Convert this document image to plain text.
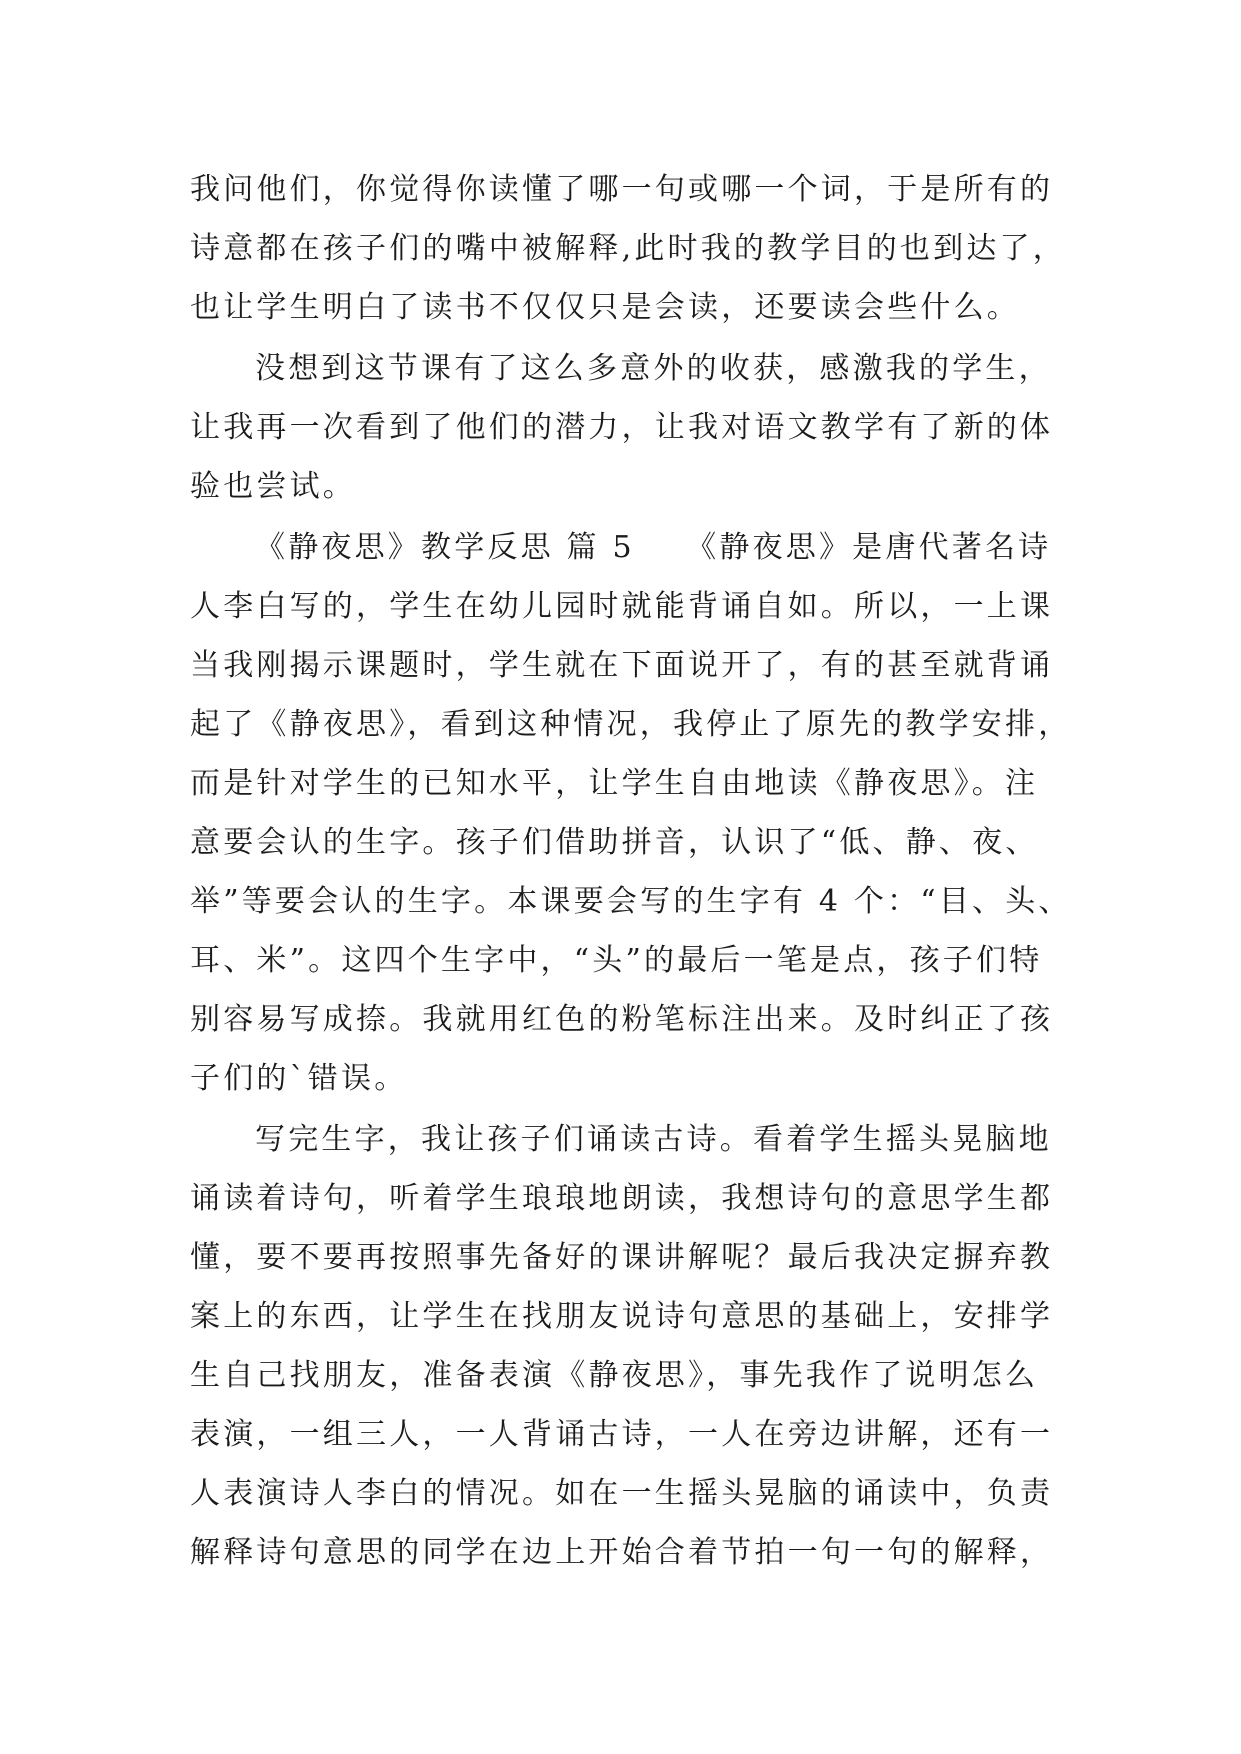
我问他们，你觉得你读懂了哪一句或哪一个词，于是所有的
诗意都在孩子们的嘴中被解释,此时我的教学目的也到达了，
也让学生明白了读书不仅仅只是会读，还要读会些什么。
没想到这节课有了这么多意外的收获，感激我的学生，
让我再一次看到了他们的潜力，让我对语文教学有了新的体
验也尝试。
《静夜思》教学反思 篇 5　　《静夜思》是唐代著名诗
人李白写的，学生在幼儿园时就能背诵自如。所以，一上课
当我刚揭示课题时，学生就在下面说开了，有的甚至就背诵
起了《静夜思》，看到这种情况，我停止了原先的教学安排，
而是针对学生的已知水平，让学生自由地读《静夜思》。注
意要会认的生字。孩子们借助拼音，认识了“低、静、夜、
举”等要会认的生字。本课要会写的生字有 4 个：“目、头、
耳、米”。这四个生字中，“头”的最后一笔是点，孩子们特
别容易写成捺。我就用红色的粉笔标注出来。及时纠正了孩
子们的`错误。
写完生字，我让孩子们诵读古诗。看着学生摇头晃脑地
诵读着诗句，听着学生琅琅地朗读，我想诗句的意思学生都
懂，要不要再按照事先备好的课讲解呢？最后我决定摒弃教
案上的东西，让学生在找朋友说诗句意思的基础上，安排学
生自己找朋友，准备表演《静夜思》，事先我作了说明怎么
表演，一组三人，一人背诵古诗，一人在旁边讲解，还有一
人表演诗人李白的情况。如在一生摇头晃脑的诵读中，负责
解释诗句意思的同学在边上开始合着节拍一句一句的解释，
